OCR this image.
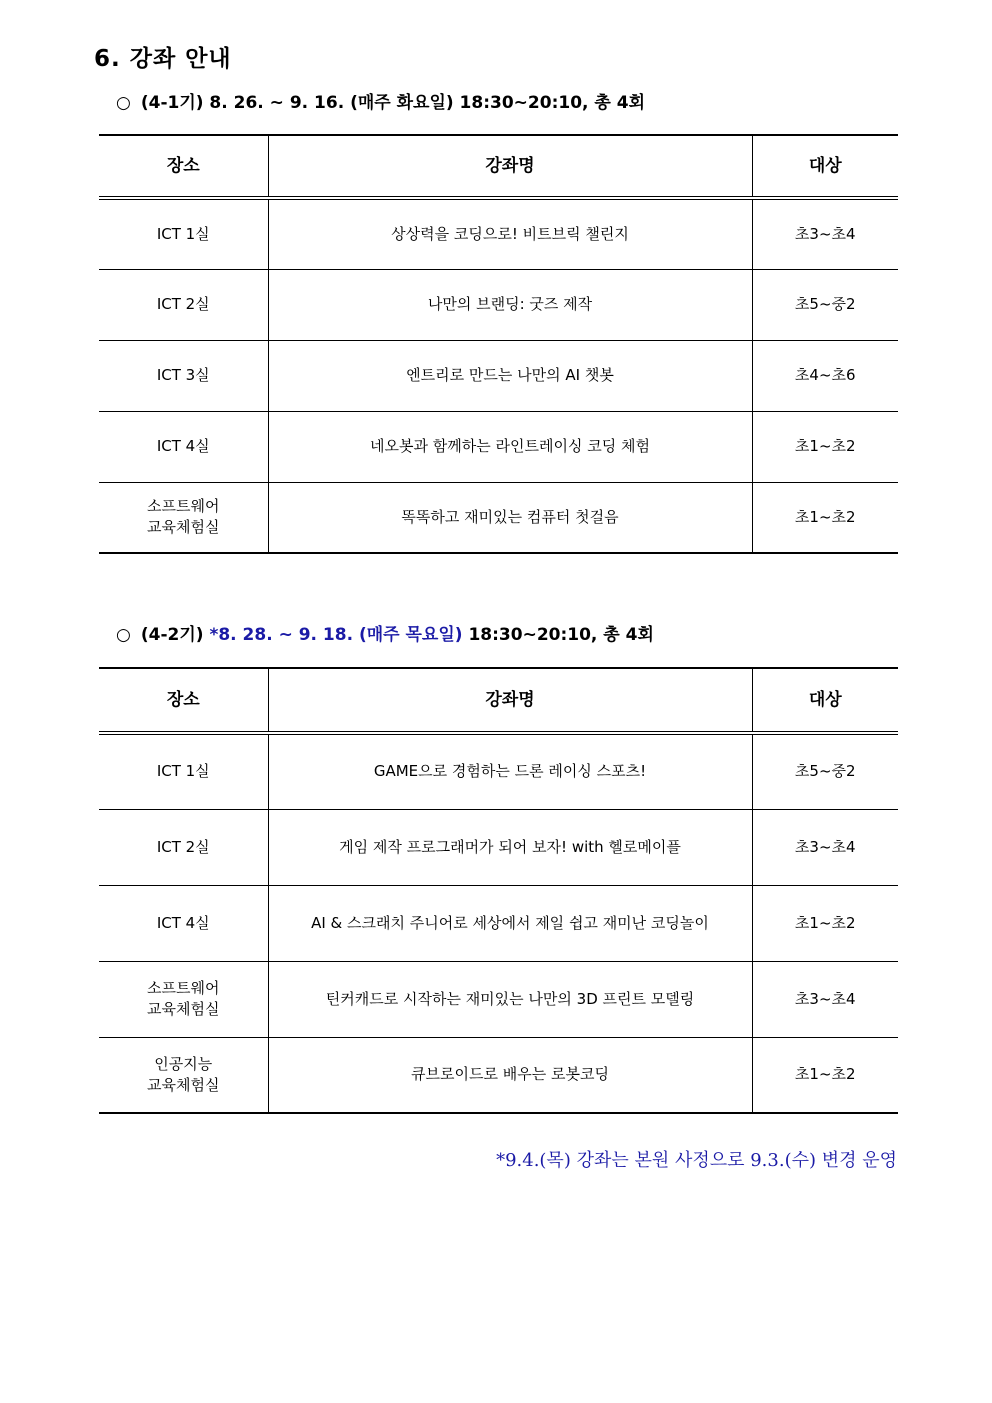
6. 강좌 안내
○ (4-1기) 8. 26. ~ 9. 16. (매주 화요일) 18:30~20:10, 총 4회
장소	강좌명	대상
ICT 1실	상상력을 코딩으로! 비트브릭 챌린지	초3~초4
ICT 2실	나만의 브랜딩: 굿즈 제작	초5~중2
ICT 3실	엔트리로 만드는 나만의 AI 챗봇	초4~초6
ICT 4실	네오봇과 함께하는 라인트레이싱 코딩 체험	초1~초2
소프트웨어
교육체험실	똑똑하고 재미있는 컴퓨터 첫걸음	초1~초2
○ (4-2기) *8. 28. ~ 9. 18. (매주 목요일) 18:30~20:10, 총 4회
장소	강좌명	대상
ICT 1실	GAME으로 경험하는 드론 레이싱 스포츠!	초5~중2
ICT 2실	게임 제작 프로그래머가 되어 보자! with 헬로메이플	초3~초4
ICT 4실	AI & 스크래치 주니어로 세상에서 제일 쉽고 재미난 코딩놀이	초1~초2
소프트웨어
교육체험실	틴커캐드로 시작하는 재미있는 나만의 3D 프린트 모델링	초3~초4
인공지능
교육체험실	큐브로이드로 배우는 로봇코딩	초1~초2
*9.4.(목) 강좌는 본원 사정으로 9.3.(수) 변경 운영
